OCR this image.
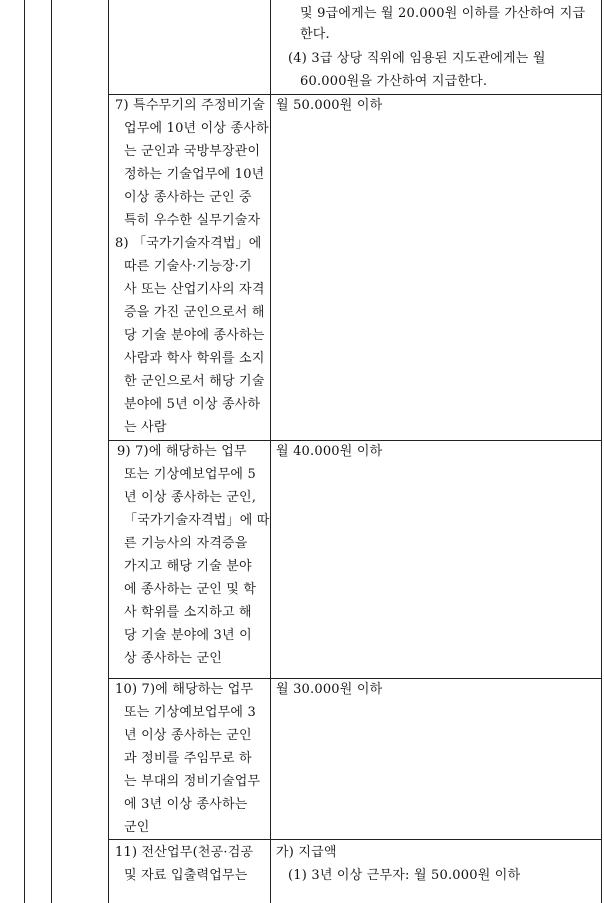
및 9급에게는 월 20.000원 이하를 가산하여 지급
한다.
(4) 3급 상당 직위에 임용된 지도관에게는 월
60.000원을 가산하여 지급한다.
7) 특수무기의 주정비기술
업무에 10년 이상 종사하
는 군인과 국방부장관이
정하는 기술업무에 10년
이상 종사하는 군인 중
특히 우수한 실무기술자
8) 「국가기술자격법」에
따른 기술사·기능장·기
사 또는 산업기사의 자격
증을 가진 군인으로서 해
당 기술 분야에 종사하는
사람과 학사 학위를 소지
한 군인으로서 해당 기술
분야에 5년 이상 종사하
는 사람
월 50.000원 이하
9) 7)에 해당하는 업무
또는 기상예보업무에 5
년 이상 종사하는 군인,
「국가기술자격법」에 따
른 기능사의 자격증을
가지고 해당 기술 분야
에 종사하는 군인 및 학
사 학위를 소지하고 해
당 기술 분야에 3년 이
상 종사하는 군인
월 40.000원 이하
10) 7)에 해당하는 업무
또는 기상예보업무에 3
년 이상 종사하는 군인
과 정비를 주임무로 하
는 부대의 정비기술업무
에 3년 이상 종사하는
군인
월 30.000원 이하
11) 전산업무(천공·검공
및 자료 입출력업무는
가) 지급액
(1) 3년 이상 근무자: 월 50.000원 이하
